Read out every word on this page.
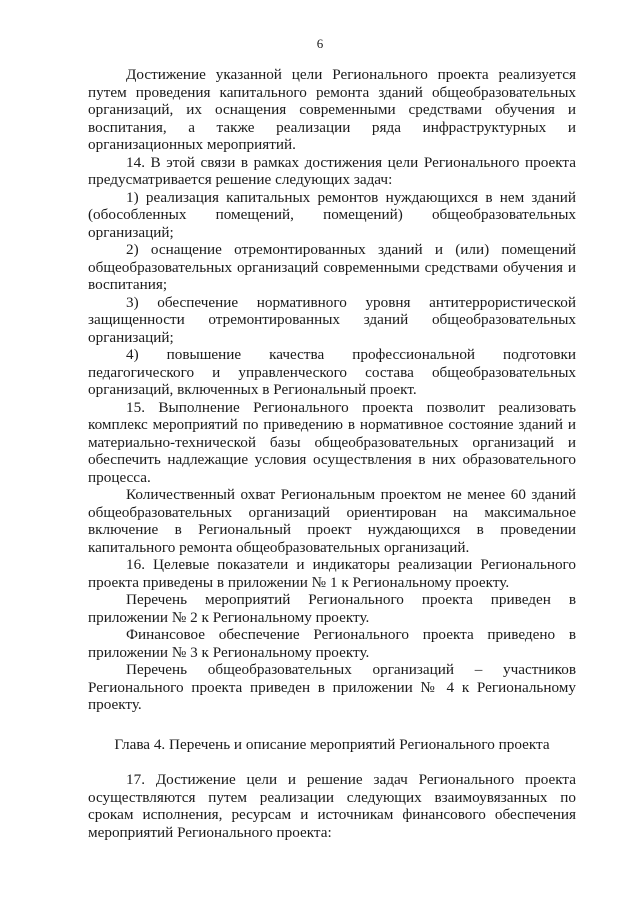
6

Достижение указанной цели Регионального проекта реализуется путем проведения капитального ремонта зданий общеобразовательных организаций, их оснащения современными средствами обучения и воспитания, а также реализации ряда инфраструктурных и организационных мероприятий.

14. В этой связи в рамках достижения цели Регионального проекта предусматривается решение следующих задач:

1) реализация капитальных ремонтов нуждающихся в нем зданий (обособленных помещений, помещений) общеобразовательных организаций;

2) оснащение отремонтированных зданий и (или) помещений общеобразовательных организаций современными средствами обучения и воспитания;

3) обеспечение нормативного уровня антитеррористической защищенности отремонтированных зданий общеобразовательных организаций;

4) повышение качества профессиональной подготовки педагогического и управленческого состава общеобразовательных организаций, включенных в Региональный проект.

15. Выполнение Регионального проекта позволит реализовать комплекс мероприятий по приведению в нормативное состояние зданий и материально-технической базы общеобразовательных организаций и обеспечить надлежащие условия осуществления в них образовательного процесса.

Количественный охват Региональным проектом не менее 60 зданий общеобразовательных организаций ориентирован на максимальное включение в Региональный проект нуждающихся в проведении капитального ремонта общеобразовательных организаций.

16. Целевые показатели и индикаторы реализации Регионального проекта приведены в приложении № 1 к Региональному проекту.

Перечень мероприятий Регионального проекта приведен в приложении № 2 к Региональному проекту.

Финансовое обеспечение Регионального проекта приведено в приложении № 3 к Региональному проекту.

Перечень общеобразовательных организаций – участников Регионального проекта приведен в приложении № 4 к Региональному проекту.

Глава 4. Перечень и описание мероприятий Регионального проекта

17. Достижение цели и решение задач Регионального проекта осуществляются путем реализации следующих взаимоувязанных по срокам исполнения, ресурсам и источникам финансового обеспечения мероприятий Регионального проекта:
